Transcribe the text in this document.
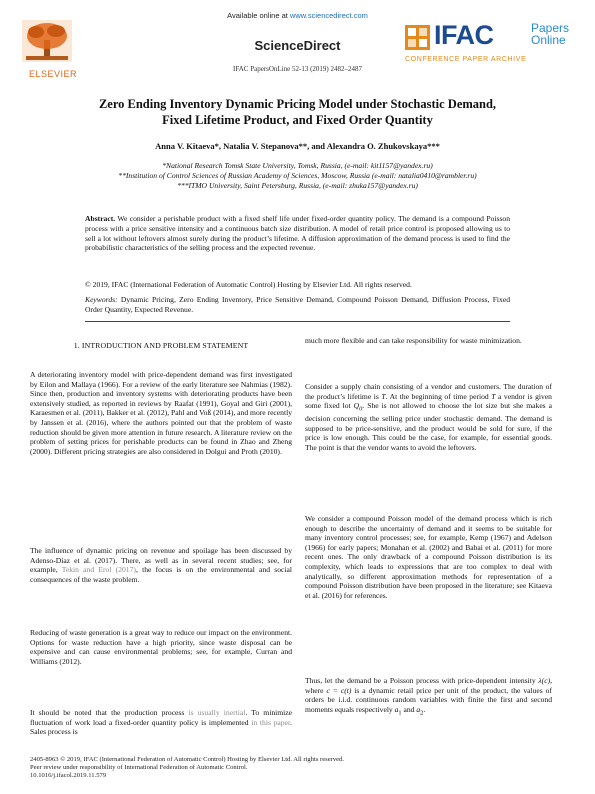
Available online at www.sciencedirect.com
ELSEVIER
ScienceDirect
IFAC PapersOnLine 52-13 (2019) 2482–2487
IFAC	Papers
Online
CONFERENCE PAPER ARCHIVE
Zero Ending Inventory Dynamic Pricing Model under Stochastic Demand,
Fixed Lifetime Product, and Fixed Order Quantity
Anna V. Kitaeva*, Natalia V. Stepanova**, and Alexandra O. Zhukovskaya***
*National Research Tomsk State University, Tomsk, Russia, (e-mail: kit1157@yandex.ru)
**Institution of Control Sciences of Russian Academy of Sciences, Moscow, Russia (e-mail: natalia0410@rambler.ru)
***ITMO University, Saint Petersburg, Russia, (e-mail: zhuka157@yandex.ru)
Abstract. We consider a perishable product with a fixed shelf life under fixed-order quantity policy. The demand is a compound Poisson process with a price sensitive intensity and a continuous batch size distribution. A model of retail price control is proposed allowing us to sell a lot without leftovers almost surely during the product’s lifetime. A diffusion approximation of the demand process is used to find the probabilistic characteristics of the selling process and the expected revenue.
© 2019, IFAC (International Federation of Automatic Control) Hosting by Elsevier Ltd. All rights reserved.
Keywords: Dynamic Pricing, Zero Ending Inventory, Price Sensitive Demand, Compound Poisson Demand, Diffusion Process, Fixed Order Quantity, Expected Revenue.
1. INTRODUCTION AND PROBLEM STATEMENT

A deteriorating inventory model with price-dependent demand was first investigated by Eilon and Mallaya (1966). For a review of the early literature see Nahmias (1982). Since then, production and inventory systems with deteriorating products have been extensively studied, as reported in reviews by Raafat (1991), Goyal and Giri (2001), Karaesmen et al. (2011), Bakker et al. (2012), Pahl and Voß (2014), and more recently by Janssen et al. (2016), where the authors pointed out that the problem of waste reduction should be given more attention in future research. A literature review on the problem of setting prices for perishable products can be found in Zhao and Zheng (2000). Different pricing strategies are also considered in Dolgui and Proth (2010).

The influence of dynamic pricing on revenue and spoilage has been discussed by Adenso-Díaz et al. (2017). There, as well as in several recent studies; see, for example, Tekin and Erol (2017), the focus is on the environmental and social consequences of the waste problem.

Reducing of waste generation is a great way to reduce our impact on the environment. Options for waste reduction have a high priority, since waste disposal can be expensive and can cause environmental problems; see, for example, Curran and Williams (2012).

It should be noted that the production process is usually inertial. To minimize fluctuation of work load a fixed-order quantity policy is implemented in this paper. Sales process is

much more flexible and can take responsibility for waste minimization.

Consider a supply chain consisting of a vendor and customers. The duration of the product’s lifetime is T. At the beginning of time period T a vendor is given some fixed lot $Q_0$. She is not allowed to choose the lot size but she makes a decision concerning the selling price under stochastic demand. The demand is supposed to be price-sensitive, and the product would be sold for sure, if the price is low enough. This could be the case, for example, for essential goods. The point is that the vendor wants to avoid the leftovers.

We consider a compound Poisson model of the demand process which is rich enough to describe the uncertainty of demand and it seems to be suitable for many inventory control processes; see, for example, Kemp (1967) and Adelson (1966) for early papers; Monahan et al. (2002) and Babai et al. (2011) for more recent ones. The only drawback of a compound Poisson distribution is its complexity, which leads to expressions that are too complex to deal with analytically, so different approximation methods for representation of a compound Poisson distribution have been proposed in the literature; see Kitaeva et al. (2016) for references.

Thus, let the demand be a Poisson process with price-dependent intensity λ(c), where c = c(t) is a dynamic retail price per unit of the product, the values of orders be i.i.d. continuous random variables with finite the first and second moments equals respectively $a_1$ and $a_2$.

2405-8963 © 2019, IFAC (International Federation of Automatic Control) Hosting by Elsevier Ltd. All rights reserved.
Peer review under responsibility of International Federation of Automatic Control.
10.1016/j.ifacol.2019.11.579
